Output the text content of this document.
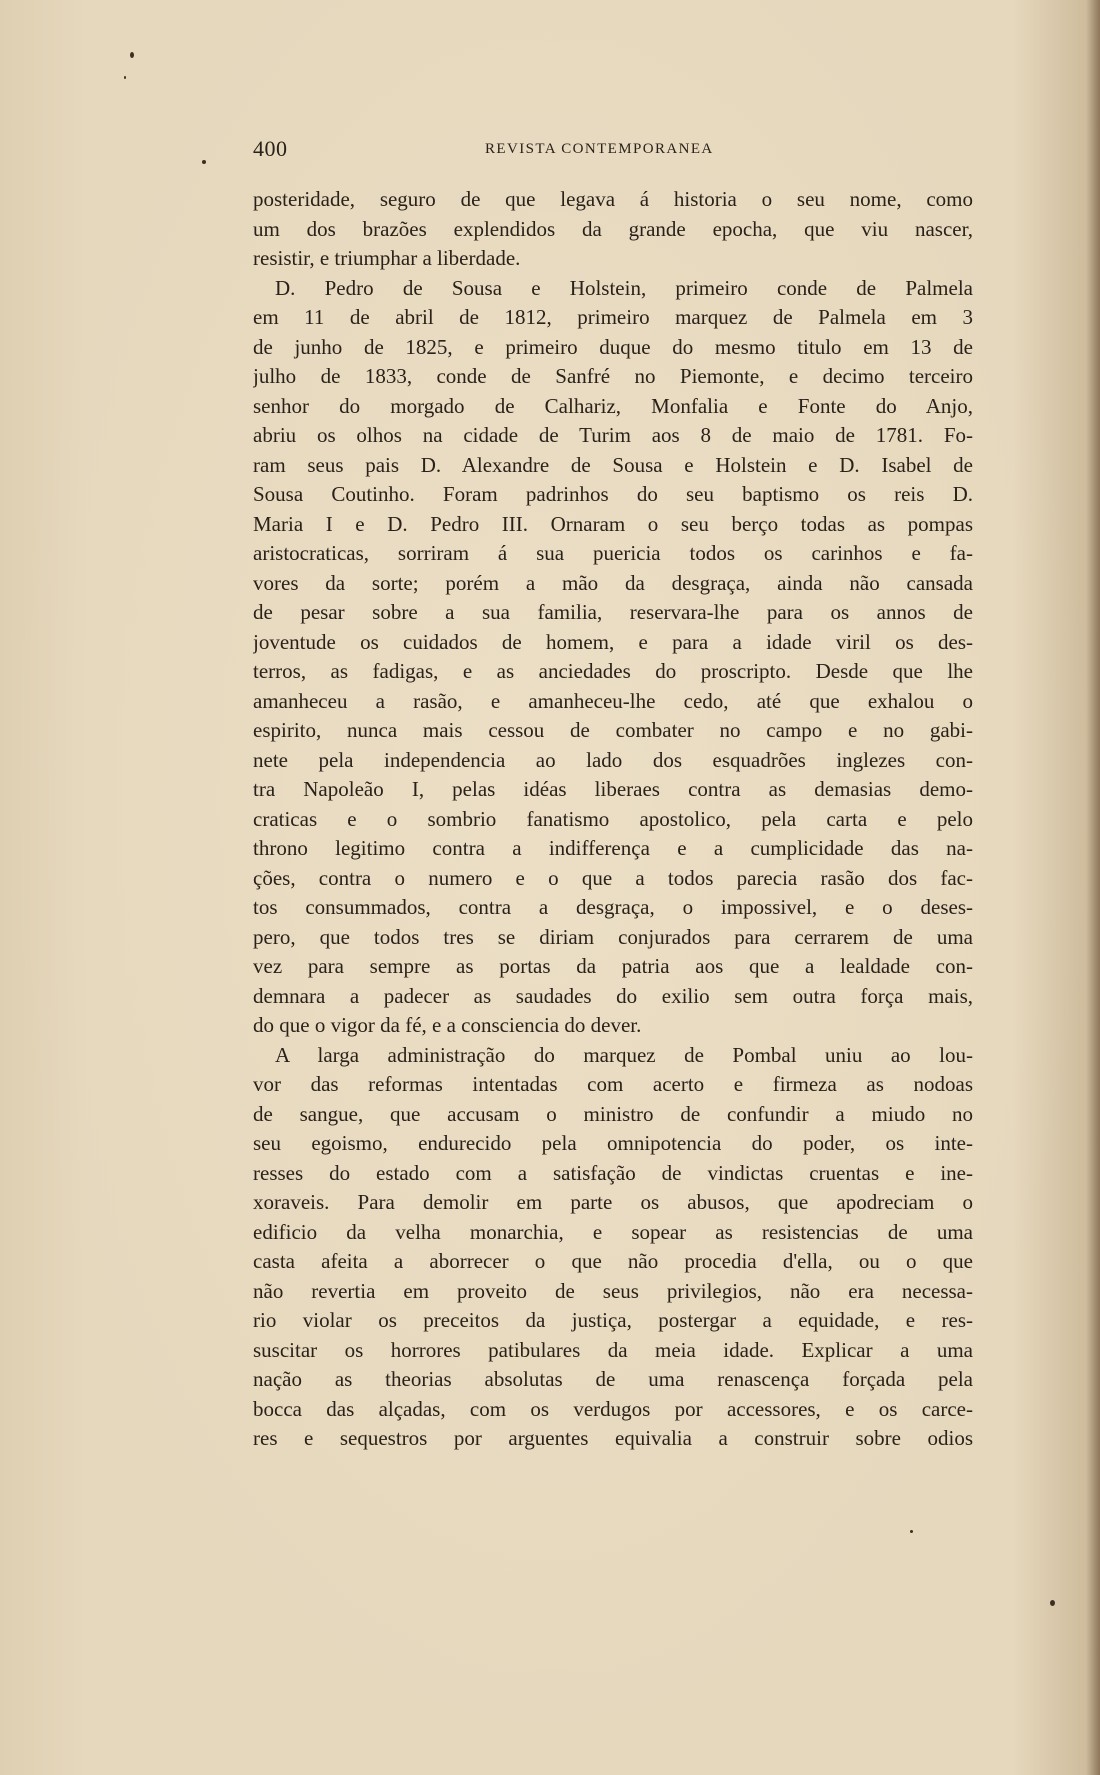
400	REVISTA CONTEMPORANEA
posteridade, seguro de que legava á historia o seu nome, como
um dos brazões explendidos da grande epocha, que viu nascer,
resistir, e triumphar a liberdade.
D. Pedro de Sousa e Holstein, primeiro conde de Palmela
em 11 de abril de 1812, primeiro marquez de Palmela em 3
de junho de 1825, e primeiro duque do mesmo titulo em 13 de
julho de 1833, conde de Sanfré no Piemonte, e decimo terceiro
senhor do morgado de Calhariz, Monfalia e Fonte do Anjo,
abriu os olhos na cidade de Turim aos 8 de maio de 1781. Fo-
ram seus pais D. Alexandre de Sousa e Holstein e D. Isabel de
Sousa Coutinho. Foram padrinhos do seu baptismo os reis D.
Maria I e D. Pedro III. Ornaram o seu berço todas as pompas
aristocraticas, sorriram á sua puericia todos os carinhos e fa-
vores da sorte; porém a mão da desgraça, ainda não cansada
de pesar sobre a sua familia, reservara-lhe para os annos de
joventude os cuidados de homem, e para a idade viril os des-
terros, as fadigas, e as anciedades do proscripto. Desde que lhe
amanheceu a rasão, e amanheceu-lhe cedo, até que exhalou o
espirito, nunca mais cessou de combater no campo e no gabi-
nete pela independencia ao lado dos esquadrões inglezes con-
tra Napoleão I, pelas idéas liberaes contra as demasias demo-
craticas e o sombrio fanatismo apostolico, pela carta e pelo
throno legitimo contra a indifferença e a cumplicidade das na-
ções, contra o numero e o que a todos parecia rasão dos fac-
tos consummados, contra a desgraça, o impossivel, e o deses-
pero, que todos tres se diriam conjurados para cerrarem de uma
vez para sempre as portas da patria aos que a lealdade con-
demnara a padecer as saudades do exilio sem outra força mais,
do que o vigor da fé, e a consciencia do dever.
A larga administração do marquez de Pombal uniu ao lou-
vor das reformas intentadas com acerto e firmeza as nodoas
de sangue, que accusam o ministro de confundir a miudo no
seu egoismo, endurecido pela omnipotencia do poder, os inte-
resses do estado com a satisfação de vindictas cruentas e ine-
xoraveis. Para demolir em parte os abusos, que apodreciam o
edificio da velha monarchia, e sopear as resistencias de uma
casta afeita a aborrecer o que não procedia d'ella, ou o que
não revertia em proveito de seus privilegios, não era necessa-
rio violar os preceitos da justiça, postergar a equidade, e res-
suscitar os horrores patibulares da meia idade. Explicar a uma
nação as theorias absolutas de uma renascença forçada pela
bocca das alçadas, com os verdugos por accessores, e os carce-
res e sequestros por arguentes equivalia a construir sobre odios
